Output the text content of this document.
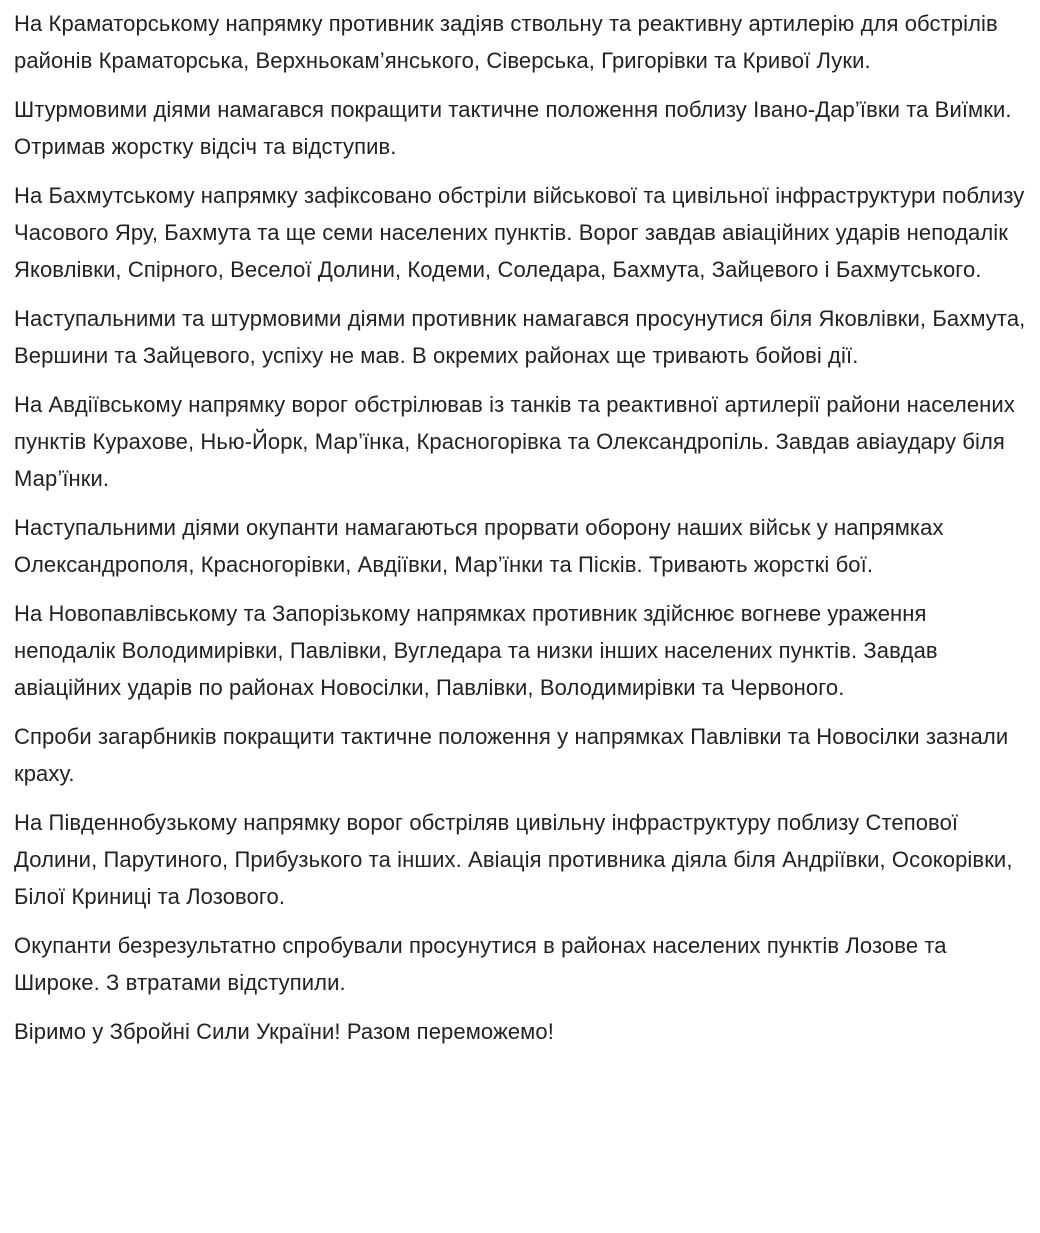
На Краматорському напрямку противник задіяв ствольну та реактивну артилерію для обстрілів районів Краматорська, Верхньокам’янського, Сіверська, Григорівки та Кривої Луки.

Штурмовими діями намагався покращити тактичне положення поблизу Івано-Дар’ївки та Виїмки. Отримав жорстку відсіч та відступив.

На Бахмутському напрямку зафіксовано обстріли військової та цивільної інфраструктури поблизу Часового Яру, Бахмута та ще семи населених пунктів. Ворог завдав авіаційних ударів неподалік Яковлівки, Спірного, Веселої Долини, Кодеми, Соледара, Бахмута, Зайцевого і Бахмутського.

Наступальними та штурмовими діями противник намагався просунутися біля Яковлівки, Бахмута, Вершини та Зайцевого, успіху не мав. В окремих районах ще тривають бойові дії.

На Авдіївському напрямку ворог обстрілював із танків та реактивної артилерії райони населених пунктів Курахове, Нью-Йорк, Мар’їнка, Красногорівка та Олександропіль. Завдав авіаудару біля Мар’їнки.

Наступальними діями окупанти намагаються прорвати оборону наших військ у напрямках Олександрополя, Красногорівки, Авдіївки, Мар’їнки та Пісків. Тривають жорсткі бої.

На Новопавлівському та Запорізькому напрямках противник здійснює вогневе ураження неподалік Володимирівки, Павлівки, Вугледара та низки інших населених пунктів. Завдав авіаційних ударів по районах Новосілки, Павлівки, Володимирівки та Червоного.

Спроби загарбників покращити тактичне положення у напрямках Павлівки та Новосілки зазнали краху.

На Південнобузькому напрямку ворог обстріляв цивільну інфраструктуру поблизу Степової Долини, Парутиного, Прибузького та інших. Авіація противника діяла біля Андріївки, Осокорівки, Білої Криниці та Лозового.

Окупанти безрезультатно спробували просунутися в районах населених пунктів Лозове та Широке. З втратами відступили.

Віримо у Збройні Сили України! Разом переможемо!
